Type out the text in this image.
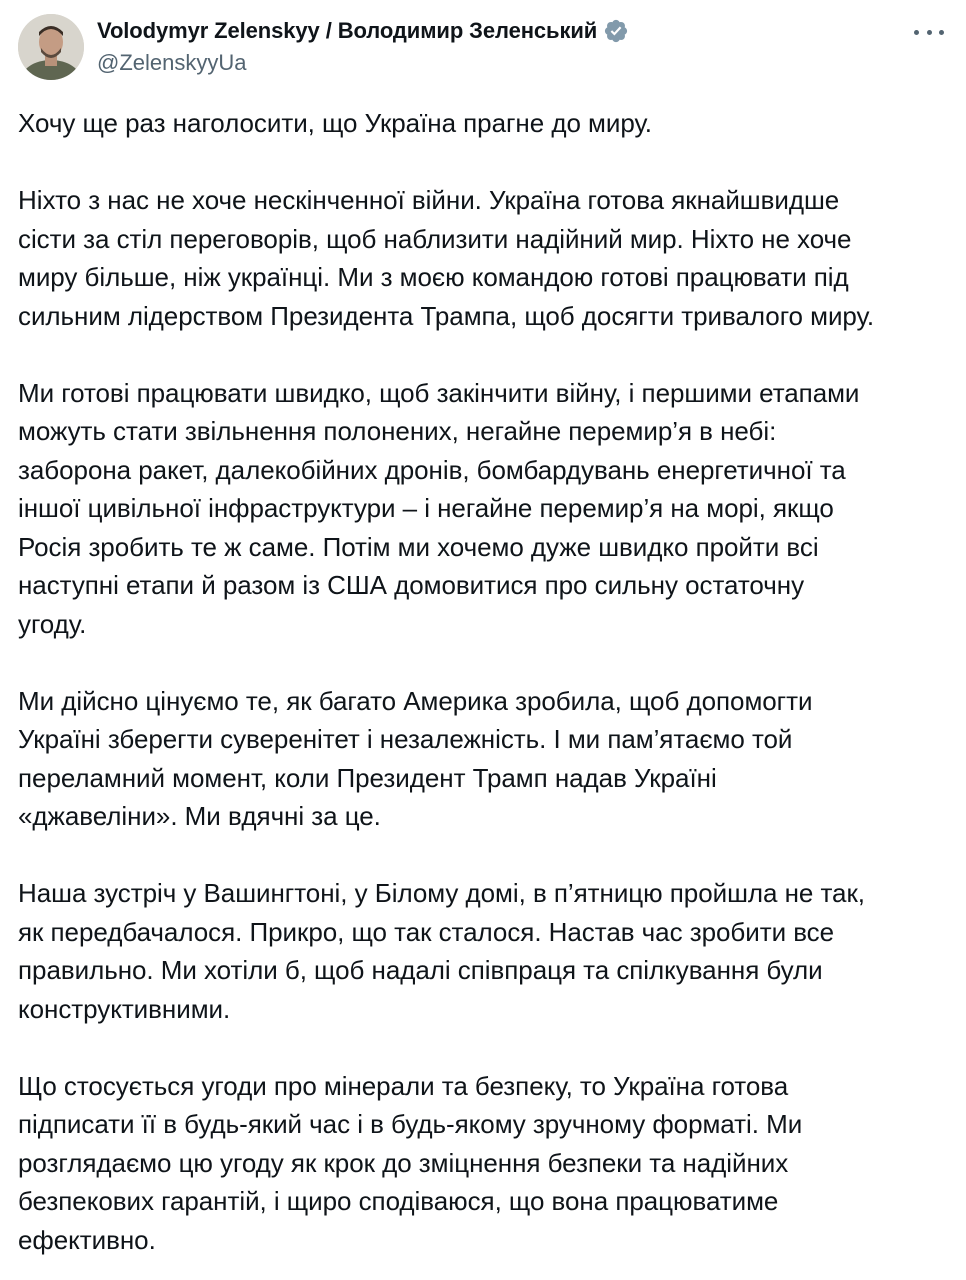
Volodymyr Zelenskyy / Володимир Зеленський
@ZelenskyyUa

Хочу ще раз наголосити, що Україна прагне до миру.

Ніхто з нас не хоче нескінченної війни. Україна готова якнайшвидше
сісти за стіл переговорів, щоб наблизити надійний мир. Ніхто не хоче
миру більше, ніж українці. Ми з моєю командою готові працювати під
сильним лідерством Президента Трампа, щоб досягти тривалого миру.

Ми готові працювати швидко, щоб закінчити війну, і першими етапами
можуть стати звільнення полонених, негайне перемир’я в небі:
заборона ракет, далекобійних дронів, бомбардувань енергетичної та
іншої цивільної інфраструктури – і негайне перемир’я на морі, якщо
Росія зробить те ж саме. Потім ми хочемо дуже швидко пройти всі
наступні етапи й разом із США домовитися про сильну остаточну
угоду.

Ми дійсно цінуємо те, як багато Америка зробила, щоб допомогти
Україні зберегти суверенітет і незалежність. І ми пам’ятаємо той
переламний момент, коли Президент Трамп надав Україні
«джавеліни». Ми вдячні за це.

Наша зустріч у Вашингтоні, у Білому домі, в п’ятницю пройшла не так,
як передбачалося. Прикро, що так сталося. Настав час зробити все
правильно. Ми хотіли б, щоб надалі співпраця та спілкування були
конструктивними.

Що стосується угоди про мінерали та безпеку, то Україна готова
підписати її в будь-який час і в будь-якому зручному форматі. Ми
розглядаємо цю угоду як крок до зміцнення безпеки та надійних
безпекових гарантій, і щиро сподіваюся, що вона працюватиме
ефективно.
